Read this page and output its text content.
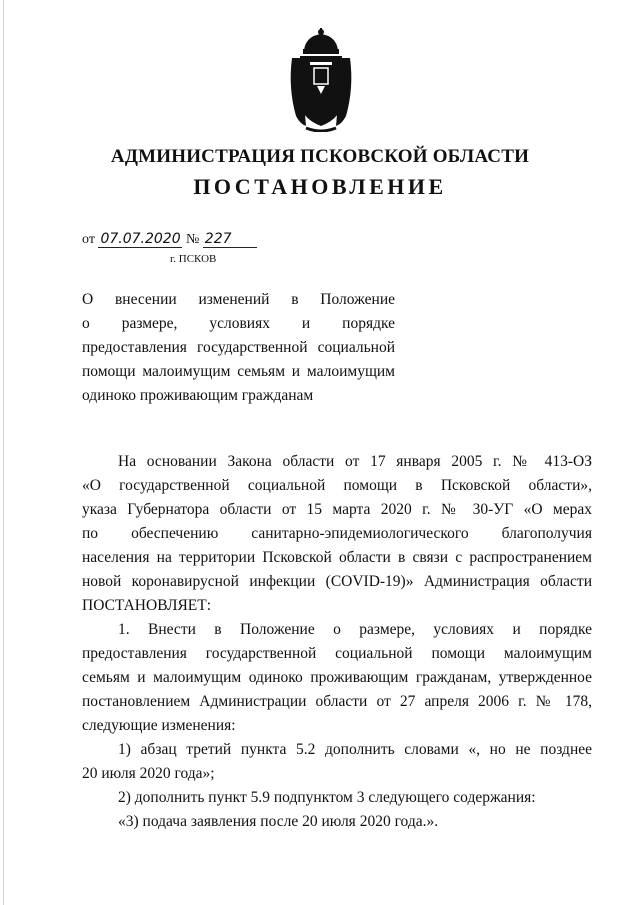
АДМИНИСТРАЦИЯ ПСКОВСКОЙ ОБЛАСТИ
ПОСТАНОВЛЕНИЕ
от 07.07.2020 № 227
г. ПСКОВ
О внесении изменений в Положение
о размере, условиях и порядке
предоставления государственной социальной
помощи малоимущим семьям и малоимущим
одиноко проживающим гражданам
На основании Закона области от 17 января 2005 г. № 413-ОЗ
«О государственной социальной помощи в Псковской области»,
указа Губернатора области от 15 марта 2020 г. № 30-УГ «О мерах
по обеспечению санитарно-эпидемиологического благополучия
населения на территории Псковской области в связи с распространением
новой коронавирусной инфекции (COVID-19)» Администрация области
ПОСТАНОВЛЯЕТ:
1. Внести в Положение о размере, условиях и порядке
предоставления государственной социальной помощи малоимущим
семьям и малоимущим одиноко проживающим гражданам, утвержденное
постановлением Администрации области от 27 апреля 2006 г. № 178,
следующие изменения:
1) абзац третий пункта 5.2 дополнить словами «, но не позднее
20 июля 2020 года»;
2) дополнить пункт 5.9 подпунктом 3 следующего содержания:
«3) подача заявления после 20 июля 2020 года.».
